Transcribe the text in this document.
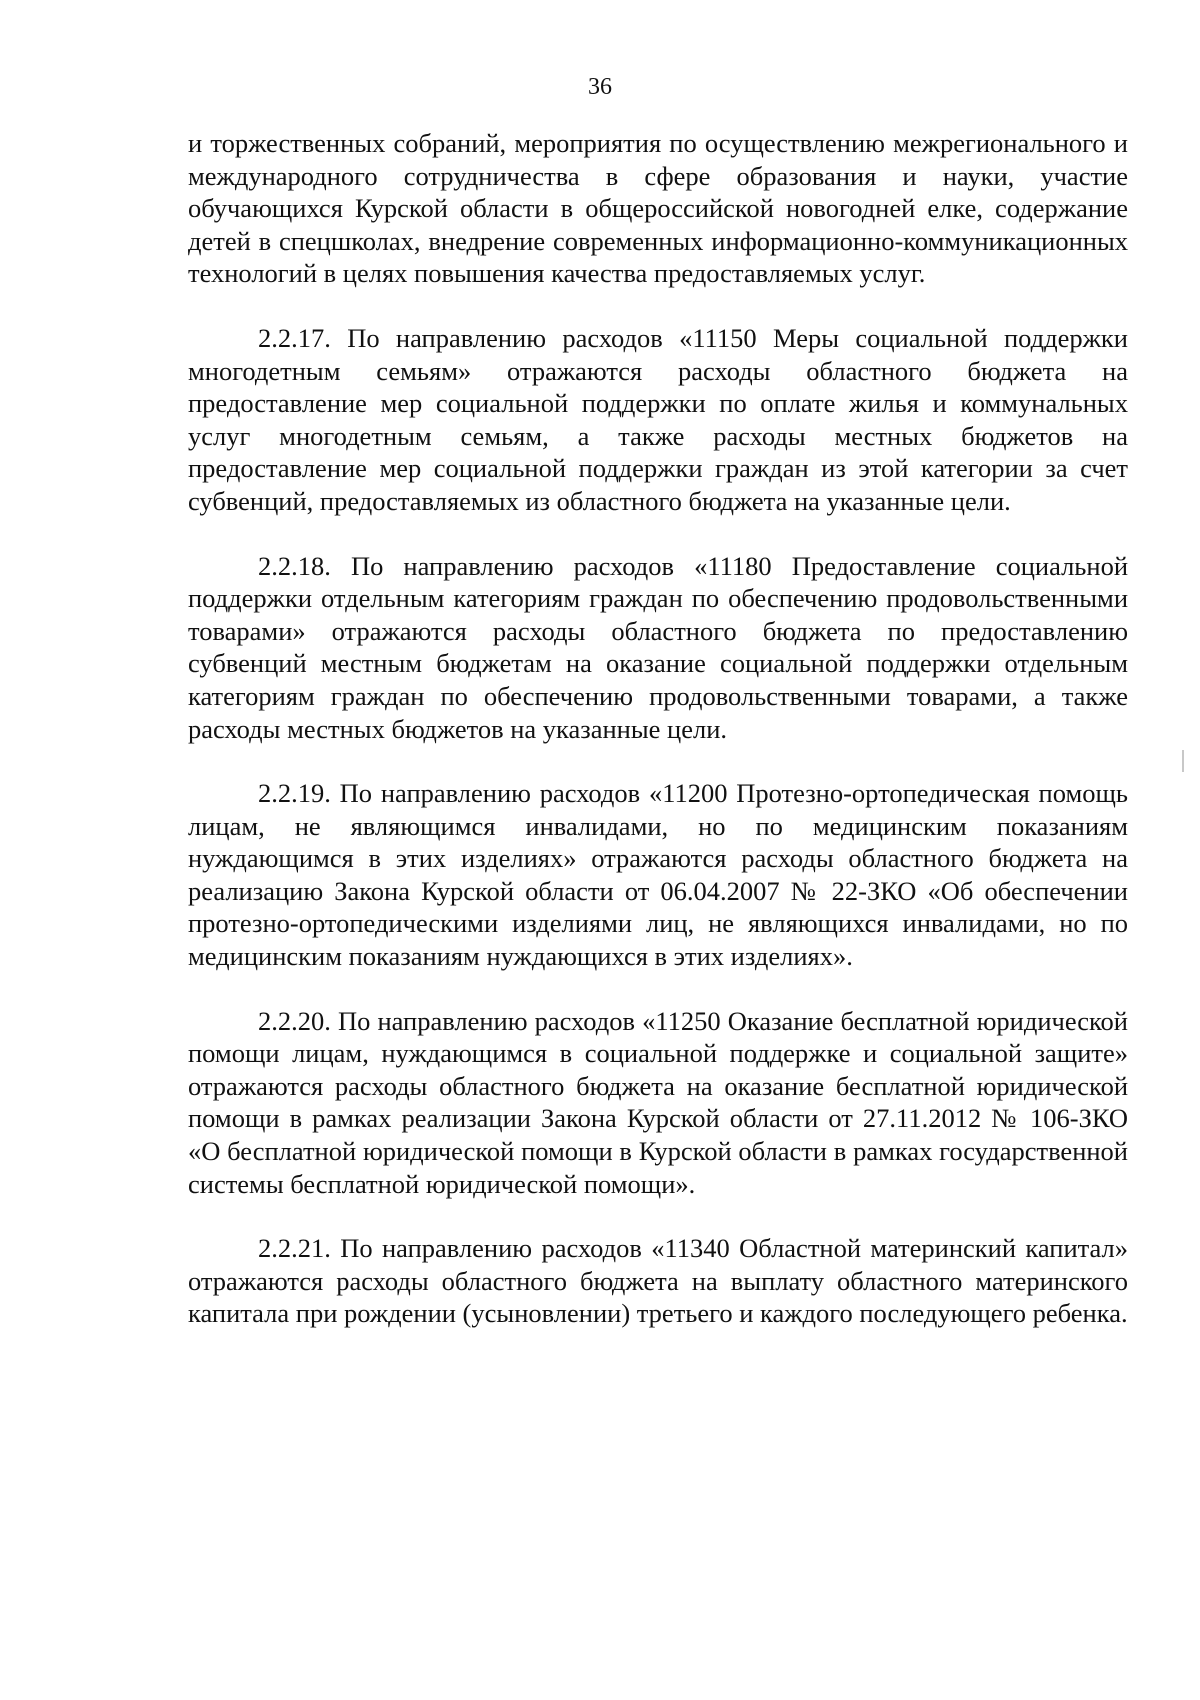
36

и торжественных собраний, мероприятия по осуществлению межрегионального и международного сотрудничества в сфере образования и науки, участие обучающихся Курской области в общероссийской новогодней елке, содержание детей в спецшколах, внедрение современных информационно-коммуникационных технологий в целях повышения качества предоставляемых услуг.

2.2.17. По направлению расходов «11150 Меры социальной поддержки многодетным семьям» отражаются расходы областного бюджета на предоставление мер социальной поддержки по оплате жилья и коммунальных услуг многодетным семьям, а также расходы местных бюджетов на предоставление мер социальной поддержки граждан из этой категории за счет субвенций, предоставляемых из областного бюджета на указанные цели.

2.2.18. По направлению расходов «11180 Предоставление социальной поддержки отдельным категориям граждан по обеспечению продовольственными товарами» отражаются расходы областного бюджета по предоставлению субвенций местным бюджетам на оказание социальной поддержки отдельным категориям граждан по обеспечению продовольственными товарами, а также расходы местных бюджетов на указанные цели.

2.2.19. По направлению расходов «11200 Протезно-ортопедическая помощь лицам, не являющимся инвалидами, но по медицинским показаниям нуждающимся в этих изделиях» отражаются расходы областного бюджета на реализацию Закона Курской области от 06.04.2007 № 22-ЗКО «Об обеспечении протезно-ортопедическими изделиями лиц, не являющихся инвалидами, но по медицинским показаниям нуждающихся в этих изделиях».

2.2.20. По направлению расходов «11250 Оказание бесплатной юридической помощи лицам, нуждающимся в социальной поддержке и социальной защите» отражаются расходы областного бюджета на оказание бесплатной юридической помощи в рамках реализации Закона Курской области от 27.11.2012 № 106-ЗКО «О бесплатной юридической помощи в Курской области в рамках государственной системы бесплатной юридической помощи».

2.2.21. По направлению расходов «11340 Областной материнский капитал» отражаются расходы областного бюджета на выплату областного материнского капитала при рождении (усыновлении) третьего и каждого последующего ребенка.
